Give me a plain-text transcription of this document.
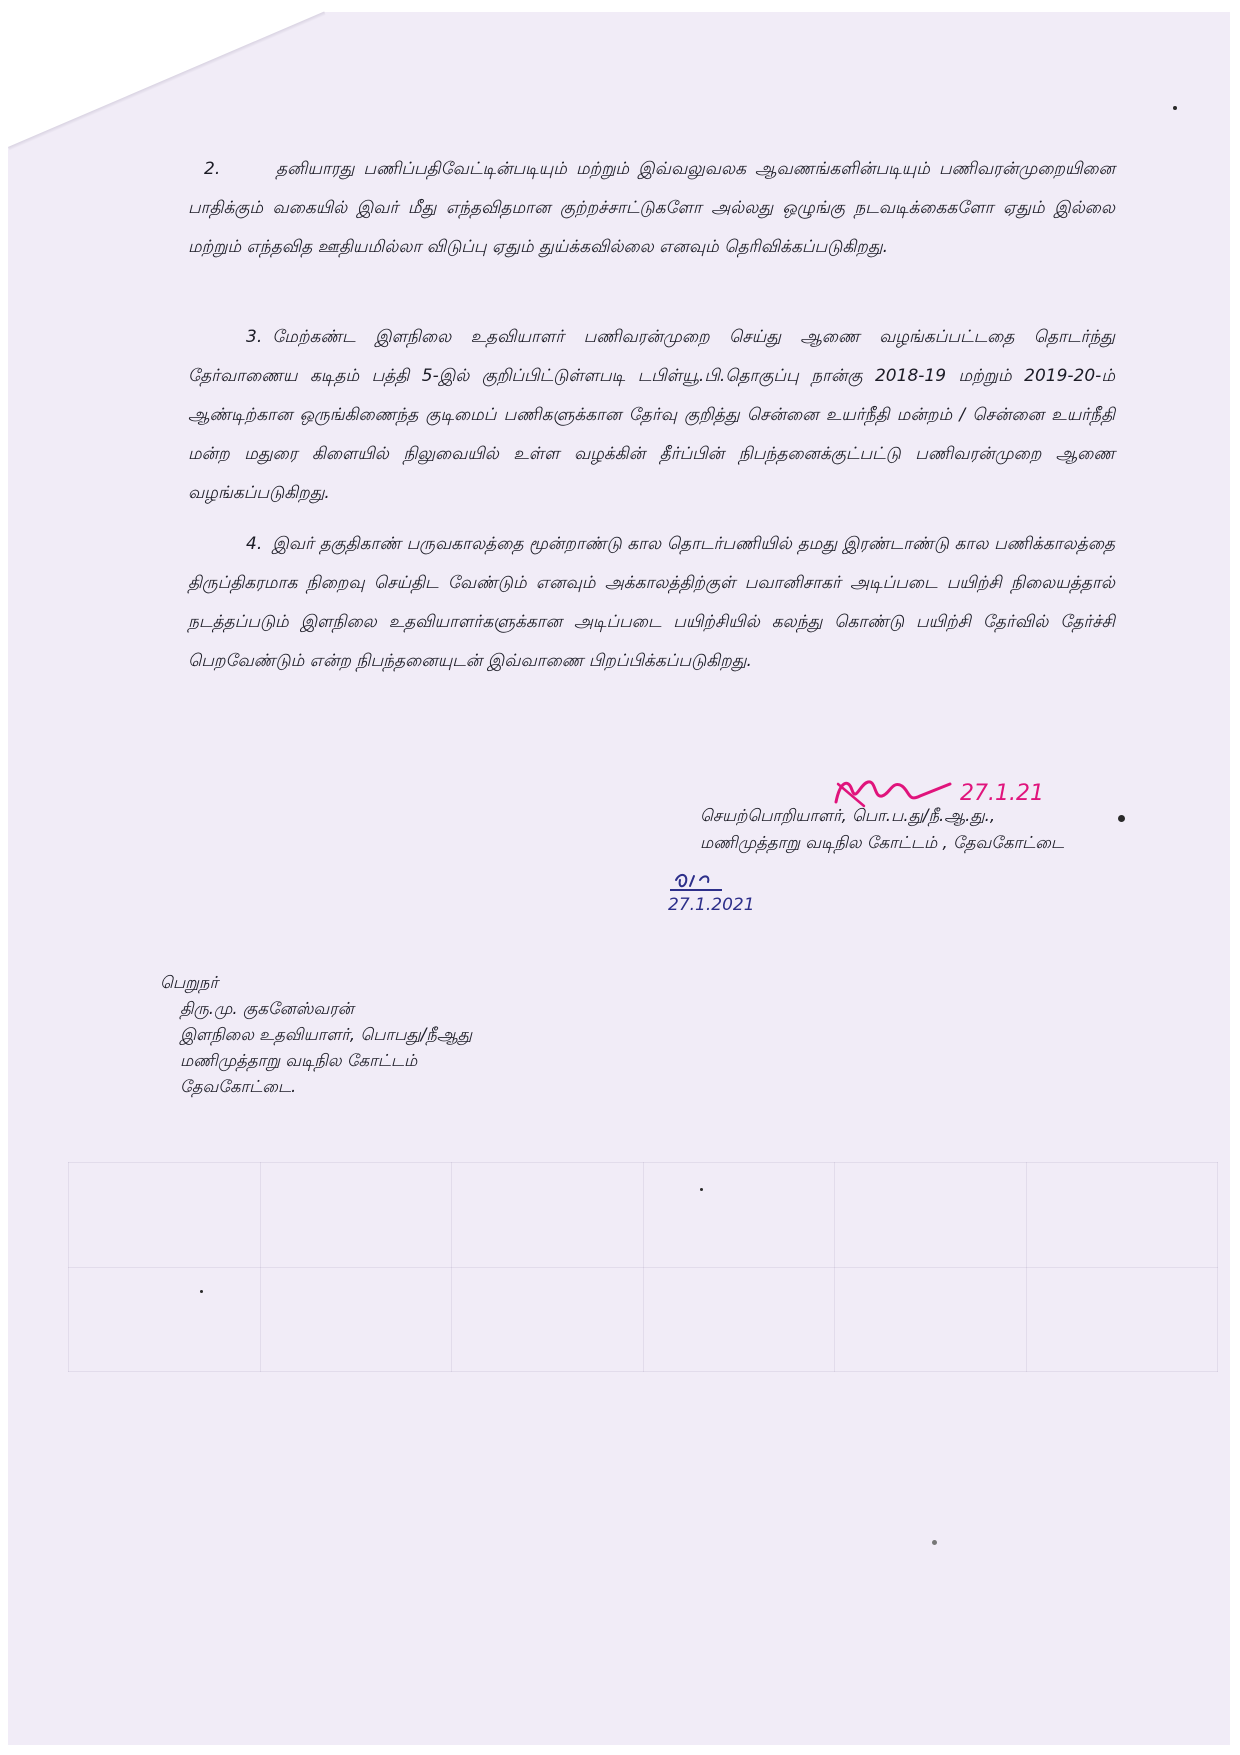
2.	தனியாரது பணிப்பதிவேட்டின்படியும் மற்றும் இவ்வலுவலக ஆவணங்களின்படியும் பணிவரன்முறையினை பாதிக்கும் வகையில் இவர் மீது எந்தவிதமான குற்றச்சாட்டுகளோ அல்லது ஒழுங்கு நடவடிக்கைகளோ ஏதும் இல்லை மற்றும் எந்தவித ஊதியமில்லா விடுப்பு ஏதும் துய்க்கவில்லை எனவும் தெரிவிக்கப்படுகிறது.
3. மேற்கண்ட இளநிலை உதவியாளர் பணிவரன்முறை செய்து ஆணை வழங்கப்பட்டதை தொடர்ந்து தேர்வாணைய கடிதம் பத்தி 5-இல் குறிப்பிட்டுள்ளபடி டபிள்யூ.பி.தொகுப்பு நான்கு 2018-19 மற்றும் 2019-20-ம் ஆண்டிற்கான ஒருங்கிணைந்த குடிமைப் பணிகளுக்கான தேர்வு குறித்து சென்னை உயர்நீதி மன்றம் / சென்னை உயர்நீதி மன்ற மதுரை கிளையில் நிலுவையில் உள்ள வழக்கின் தீர்ப்பின் நிபந்தனைக்குட்பட்டு பணிவரன்முறை ஆணை வழங்கப்படுகிறது.
4. இவர் தகுதிகாண் பருவகாலத்தை மூன்றாண்டு கால தொடர்பணியில் தமது இரண்டாண்டு கால பணிக்காலத்தை திருப்திகரமாக நிறைவு செய்திட வேண்டும் எனவும் அக்காலத்திற்குள் பவானிசாகர் அடிப்படை பயிற்சி நிலையத்தால் நடத்தப்படும் இளநிலை உதவியாளர்களுக்கான அடிப்படை பயிற்சியில் கலந்து கொண்டு பயிற்சி தேர்வில் தேர்ச்சி பெறவேண்டும் என்ற நிபந்தனையுடன் இவ்வாணை பிறப்பிக்கப்படுகிறது.
27.1.21
செயற்பொறியாளர், பொ.ப.து/நீ.ஆ.து.,
மணிமுத்தாறு வடிநில கோட்டம் , தேவகோட்டை
27.1.2021
பெறுநர்
திரு.மு. குகனேஸ்வரன்
இளநிலை உதவியாளர், பொபது/நீஆது
மணிமுத்தாறு வடிநில கோட்டம்
தேவகோட்டை.
